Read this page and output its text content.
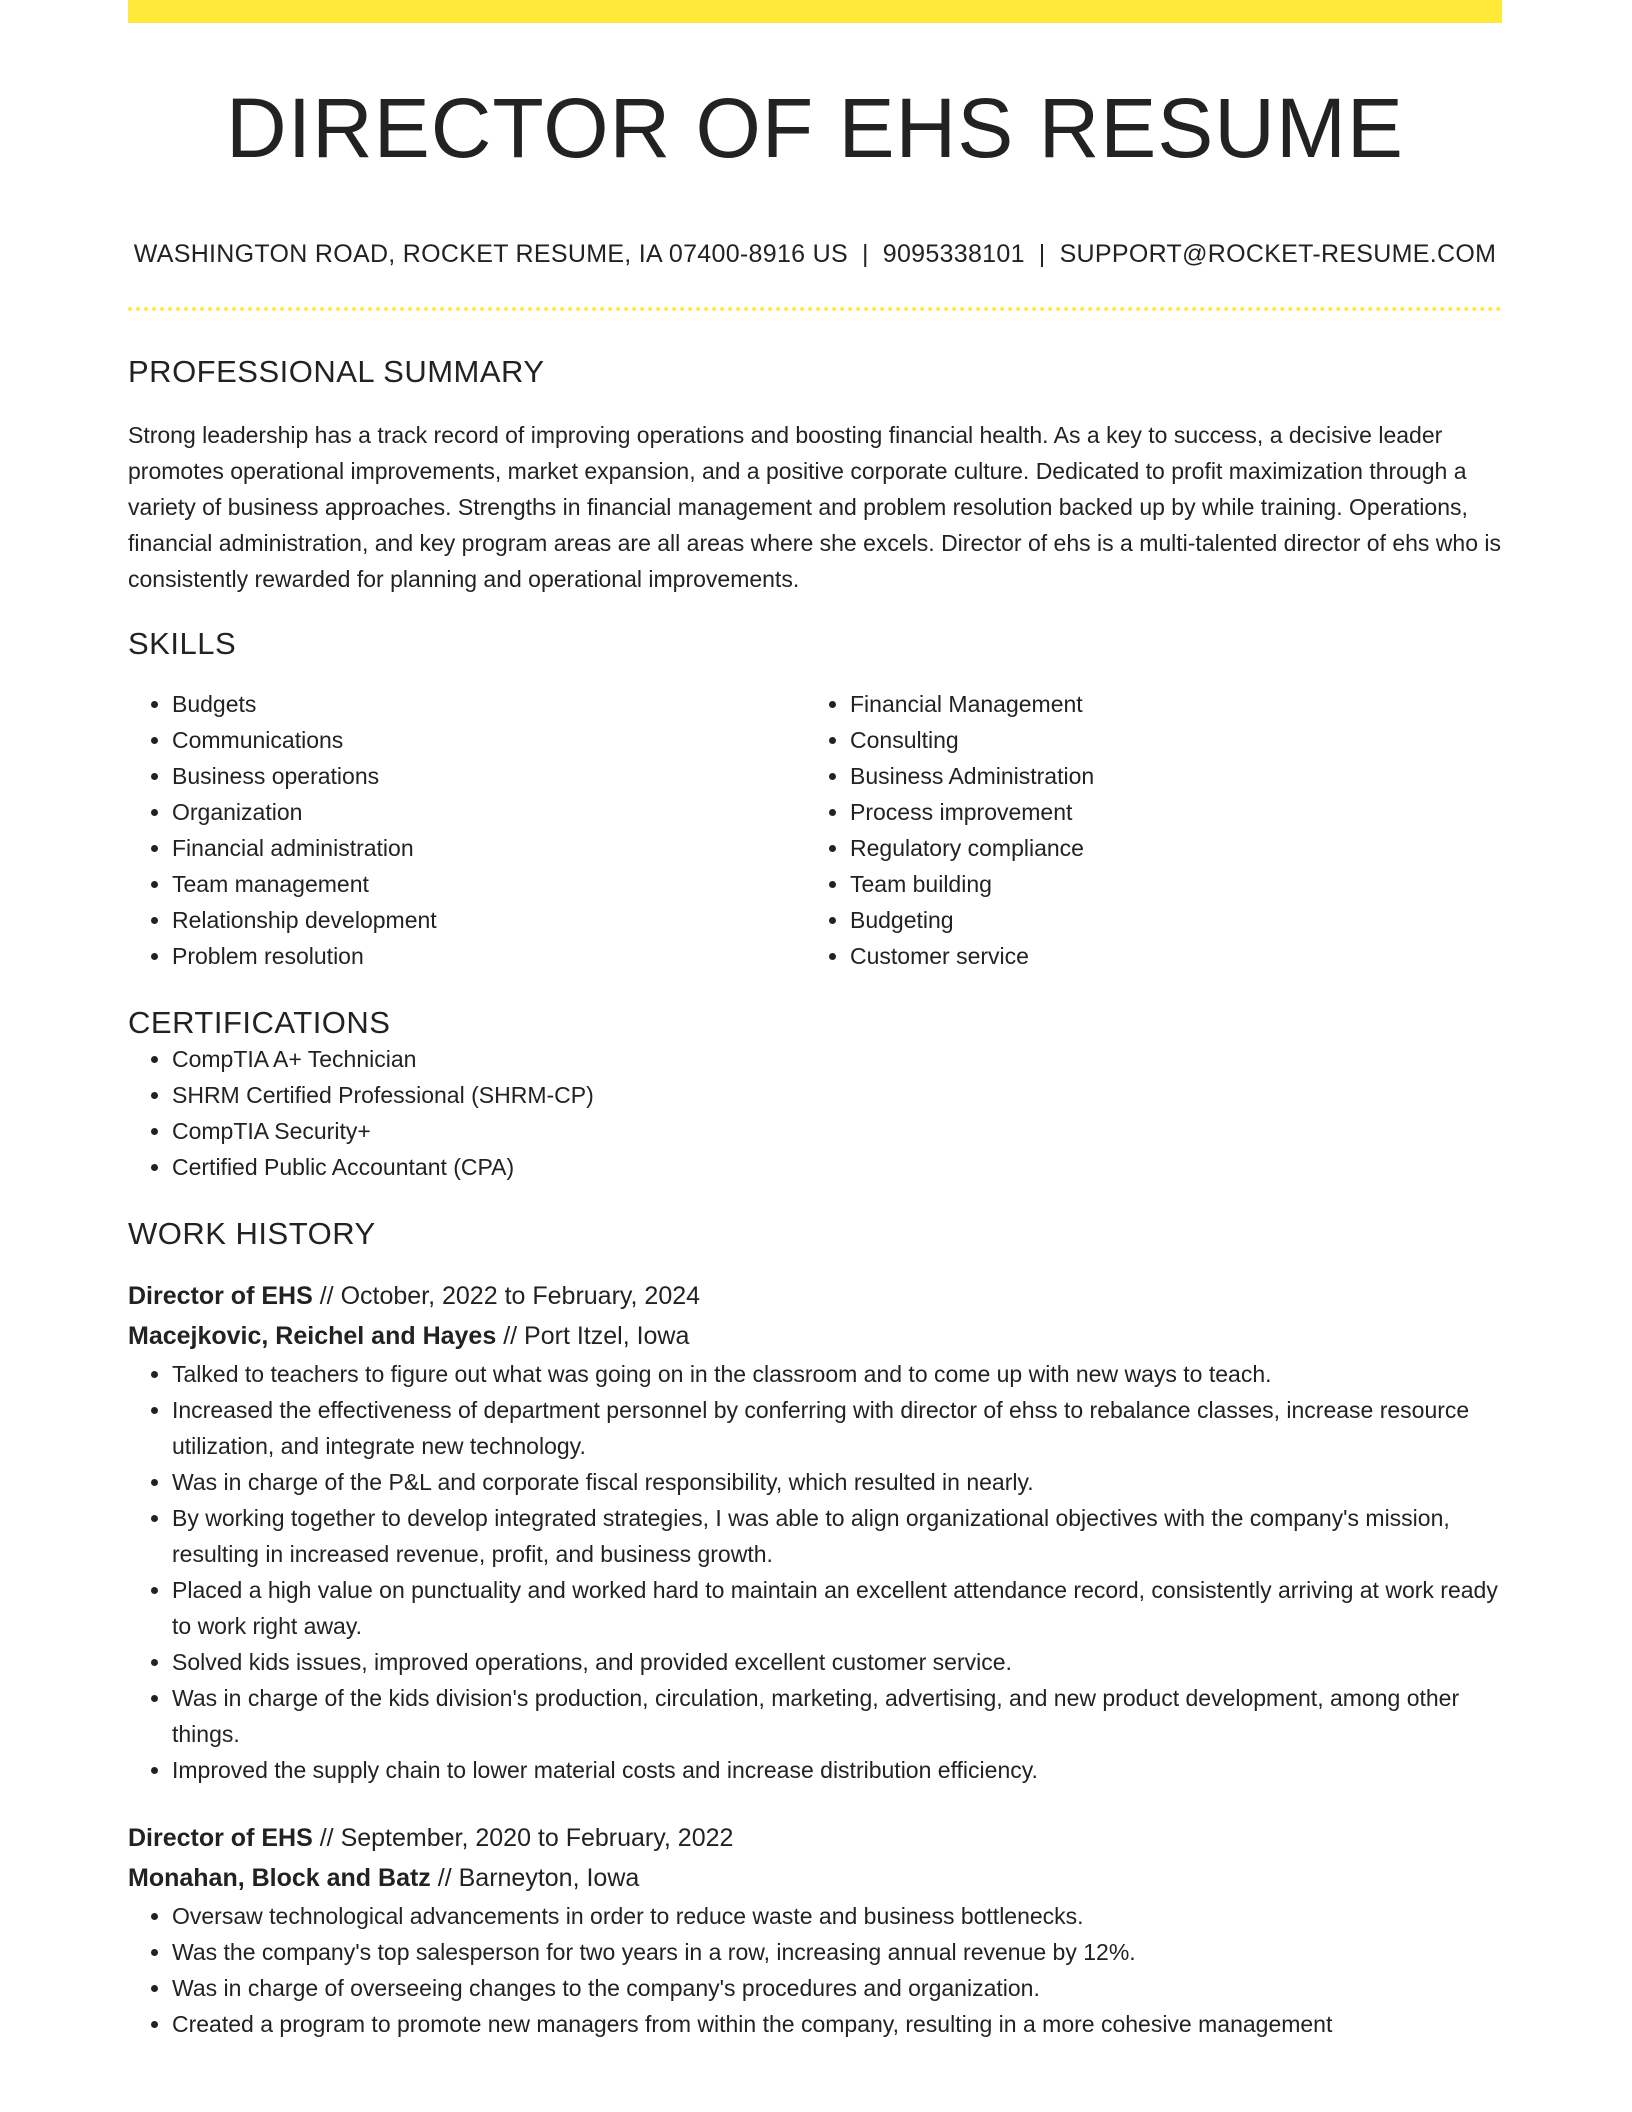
DIRECTOR OF EHS RESUME
WASHINGTON ROAD, ROCKET RESUME, IA 07400-8916 US | 9095338101 | SUPPORT@ROCKET-RESUME.COM
PROFESSIONAL SUMMARY
Strong leadership has a track record of improving operations and boosting financial health. As a key to success, a decisive leader promotes operational improvements, market expansion, and a positive corporate culture. Dedicated to profit maximization through a variety of business approaches. Strengths in financial management and problem resolution backed up by while training. Operations, financial administration, and key program areas are all areas where she excels. Director of ehs is a multi-talented director of ehs who is consistently rewarded for planning and operational improvements.
SKILLS
• Budgets
• Communications
• Business operations
• Organization
• Financial administration
• Team management
• Relationship development
• Problem resolution
• Financial Management
• Consulting
• Business Administration
• Process improvement
• Regulatory compliance
• Team building
• Budgeting
• Customer service
CERTIFICATIONS
• CompTIA A+ Technician
• SHRM Certified Professional (SHRM-CP)
• CompTIA Security+
• Certified Public Accountant (CPA)
WORK HISTORY
Director of EHS // October, 2022 to February, 2024
Macejkovic, Reichel and Hayes // Port Itzel, Iowa
• Talked to teachers to figure out what was going on in the classroom and to come up with new ways to teach.
• Increased the effectiveness of department personnel by conferring with director of ehss to rebalance classes, increase resource utilization, and integrate new technology.
• Was in charge of the P&L and corporate fiscal responsibility, which resulted in nearly.
• By working together to develop integrated strategies, I was able to align organizational objectives with the company's mission, resulting in increased revenue, profit, and business growth.
• Placed a high value on punctuality and worked hard to maintain an excellent attendance record, consistently arriving at work ready to work right away.
• Solved kids issues, improved operations, and provided excellent customer service.
• Was in charge of the kids division's production, circulation, marketing, advertising, and new product development, among other things.
• Improved the supply chain to lower material costs and increase distribution efficiency.
Director of EHS // September, 2020 to February, 2022
Monahan, Block and Batz // Barneyton, Iowa
• Oversaw technological advancements in order to reduce waste and business bottlenecks.
• Was the company's top salesperson for two years in a row, increasing annual revenue by 12%.
• Was in charge of overseeing changes to the company's procedures and organization.
• Created a program to promote new managers from within the company, resulting in a more cohesive management
